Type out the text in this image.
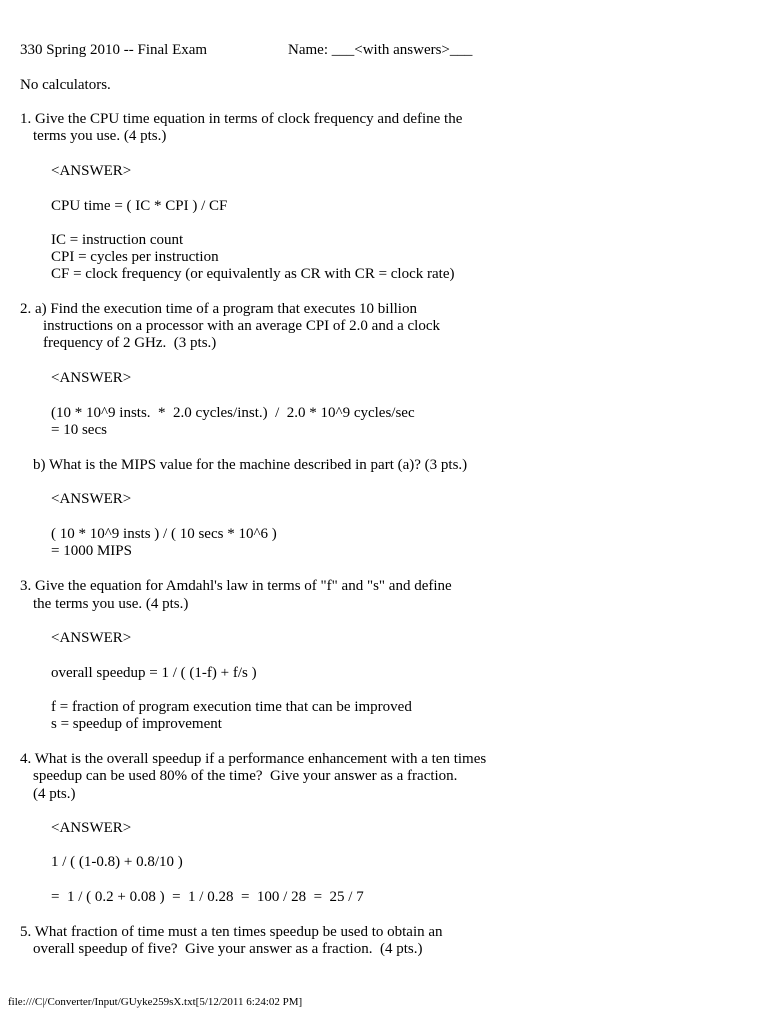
330 Spring 2010 -- Final Exam	Name: ___<with answers>___
No calculators.
1. Give the CPU time equation in terms of clock frequency and define the
terms you use. (4 pts.)
<ANSWER>
CPU time = ( IC * CPI ) / CF
IC = instruction count
CPI = cycles per instruction
CF = clock frequency (or equivalently as CR with CR = clock rate)
2. a) Find the execution time of a program that executes 10 billion
instructions on a processor with an average CPI of 2.0 and a clock
frequency of 2 GHz.  (3 pts.)
<ANSWER>
(10 * 10^9 insts.  *  2.0 cycles/inst.)  /  2.0 * 10^9 cycles/sec
= 10 secs
b) What is the MIPS value for the machine described in part (a)? (3 pts.)
<ANSWER>
( 10 * 10^9 insts ) / ( 10 secs * 10^6 )
= 1000 MIPS
3. Give the equation for Amdahl's law in terms of "f" and "s" and define
the terms you use. (4 pts.)
<ANSWER>
overall speedup = 1 / ( (1-f) + f/s )
f = fraction of program execution time that can be improved
s = speedup of improvement
4. What is the overall speedup if a performance enhancement with a ten times
speedup can be used 80% of the time?  Give your answer as a fraction.
(4 pts.)
<ANSWER>
1 / ( (1-0.8) + 0.8/10 )
=  1 / ( 0.2 + 0.08 )  =  1 / 0.28  =  100 / 28  =  25 / 7
5. What fraction of time must a ten times speedup be used to obtain an
overall speedup of five?  Give your answer as a fraction.  (4 pts.)
file:///C|/Converter/Input/GUyke259sX.txt[5/12/2011 6:24:02 PM]
